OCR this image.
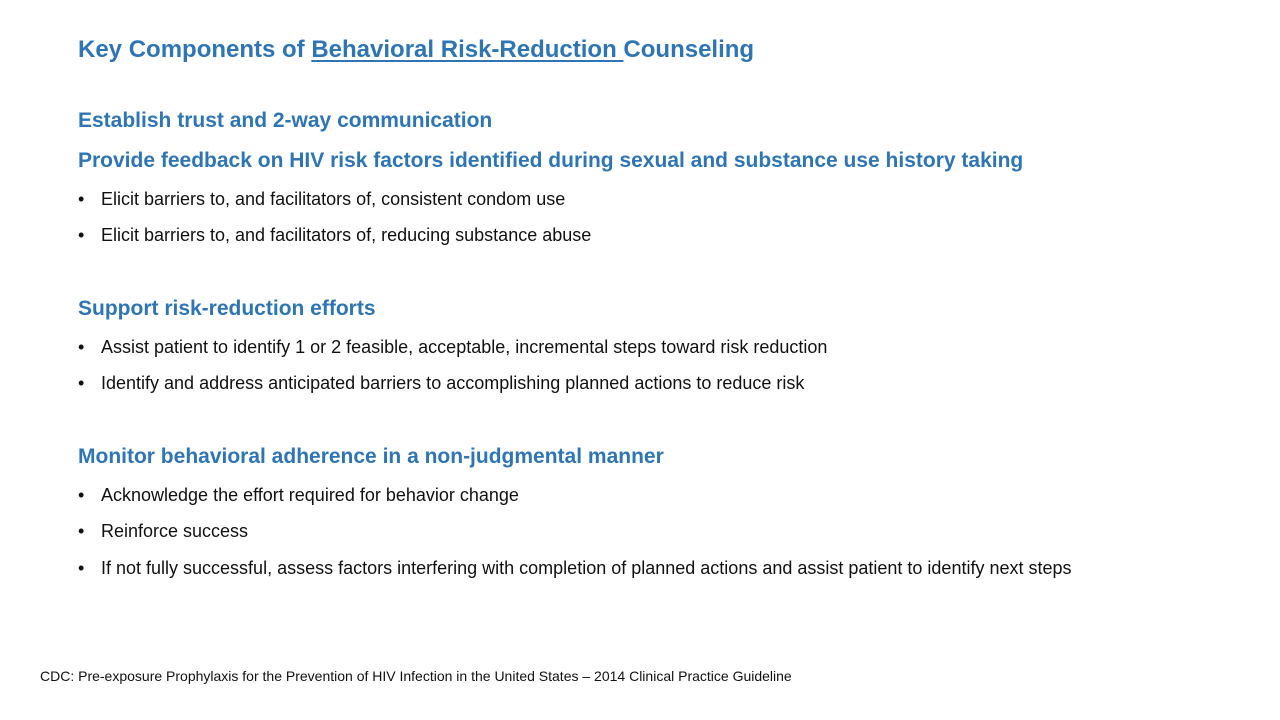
Key Components of Behavioral Risk-Reduction Counseling
Establish trust and 2-way communication
Provide feedback on HIV risk factors identified during sexual and substance use history taking
• Elicit barriers to, and facilitators of, consistent condom use
• Elicit barriers to, and facilitators of, reducing substance abuse
Support risk-reduction efforts
• Assist patient to identify 1 or 2 feasible, acceptable, incremental steps toward risk reduction
• Identify and address anticipated barriers to accomplishing planned actions to reduce risk
Monitor behavioral adherence in a non-judgmental manner
• Acknowledge the effort required for behavior change
• Reinforce success
• If not fully successful, assess factors interfering with completion of planned actions and assist patient to identify next steps

CDC: Pre-exposure Prophylaxis for the Prevention of HIV Infection in the United States – 2014 Clinical Practice Guideline
